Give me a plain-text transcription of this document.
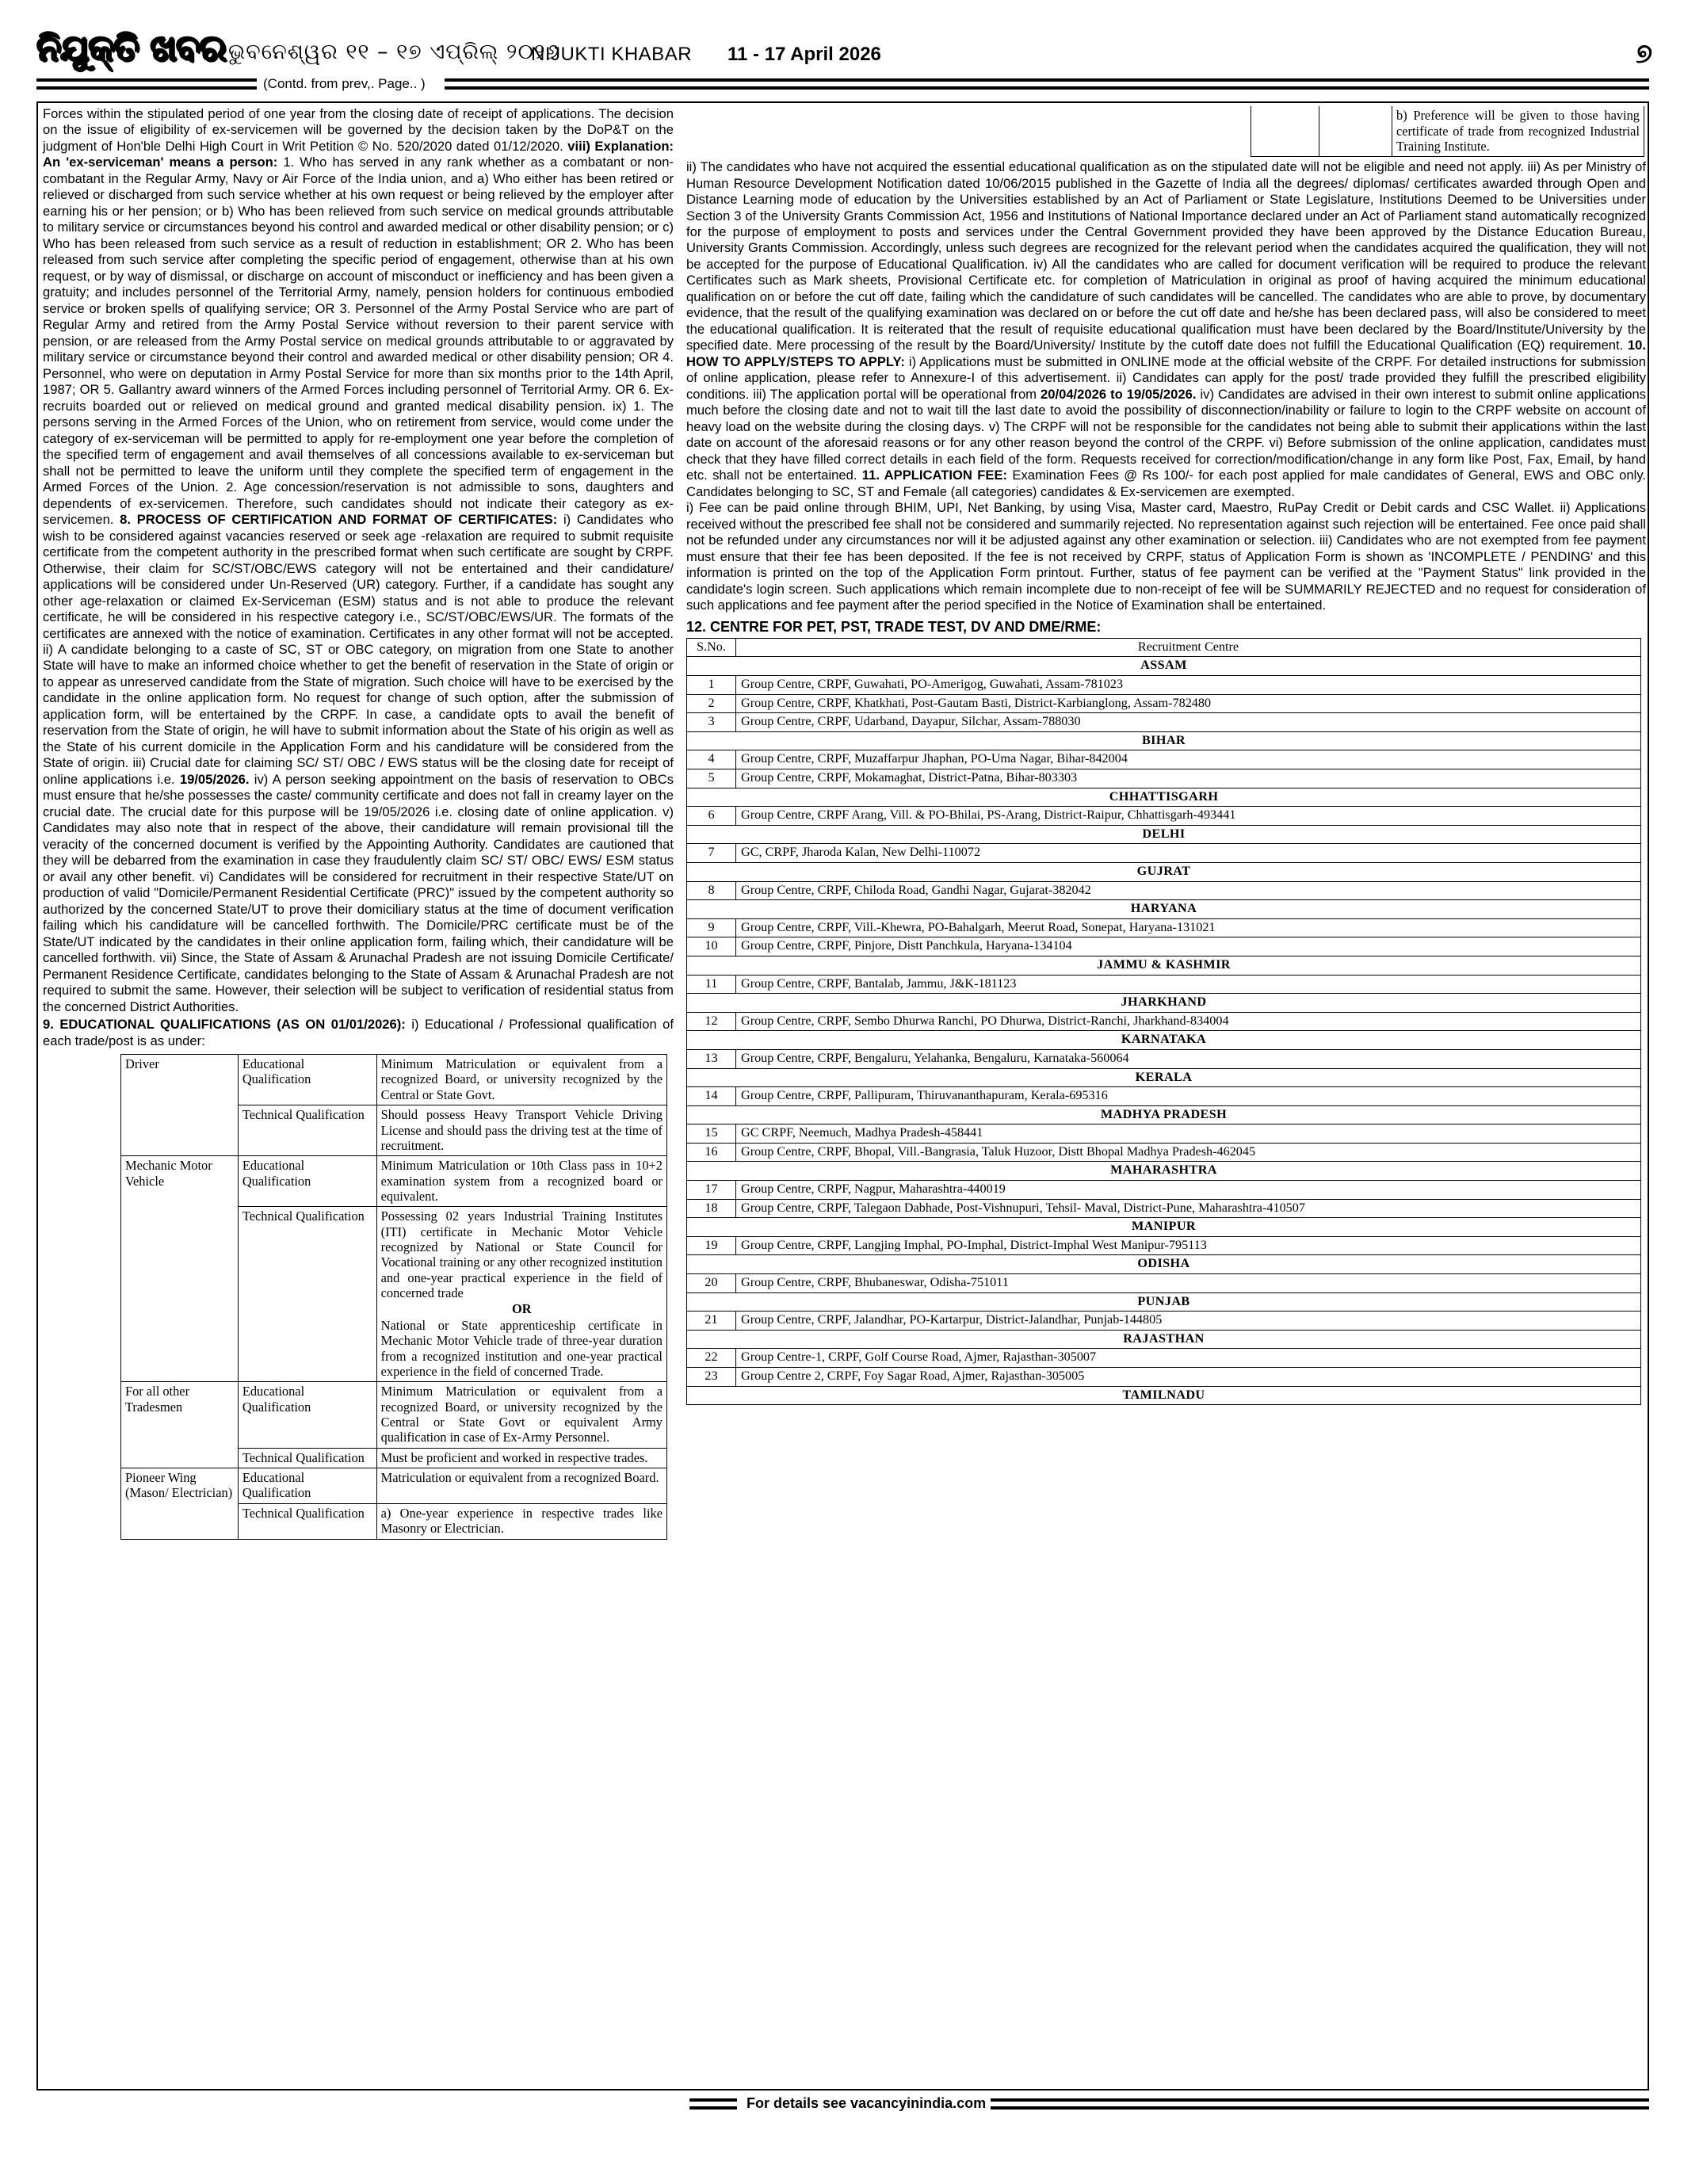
ନିଯୁକ୍ତି ଖବର ଭୁବନେଶ୍ୱର ୧୧ – ୧୭ ଏପ୍ରିଲ୍ ୨୦୨୬
NIJUKTI KHABAR 11 - 17 April 2026	୭
(Contd. from prev,. Page.. )

Forces within the stipulated period of one year from the closing date of receipt of applications. The decision on the issue of eligibility of ex-servicemen will be governed by the decision taken by the DoP&T on the judgment of Hon'ble Delhi High Court in Writ Petition © No. 520/2020 dated 01/12/2020. viii) Explanation: An 'ex-serviceman' means a person: 1. Who has served in any rank whether as a combatant or non-combatant in the Regular Army, Navy or Air Force of the India union, and a) Who either has been retired or relieved or discharged from such service whether at his own request or being relieved by the employer after earning his or her pension; or b) Who has been relieved from such service on medical grounds attributable to military service or circumstances beyond his control and awarded medical or other disability pension; or c) Who has been released from such service as a result of reduction in establishment; OR 2. Who has been released from such service after completing the specific period of engagement, otherwise than at his own request, or by way of dismissal, or discharge on account of misconduct or inefficiency and has been given a gratuity; and includes personnel of the Territorial Army, namely, pension holders for continuous embodied service or broken spells of qualifying service; OR 3. Personnel of the Army Postal Service who are part of Regular Army and retired from the Army Postal Service without reversion to their parent service with pension, or are released from the Army Postal service on medical grounds attributable to or aggravated by military service or circumstance beyond their control and awarded medical or other disability pension; OR 4. Personnel, who were on deputation in Army Postal Service for more than six months prior to the 14th April, 1987; OR 5. Gallantry award winners of the Armed Forces including personnel of Territorial Army. OR 6. Ex-recruits boarded out or relieved on medical ground and granted medical disability pension. ix) 1. The persons serving in the Armed Forces of the Union, who on retirement from service, would come under the category of ex-serviceman will be permitted to apply for re-employment one year before the completion of the specified term of engagement and avail themselves of all concessions available to ex-serviceman but shall not be permitted to leave the uniform until they complete the specified term of engagement in the Armed Forces of the Union. 2. Age concession/reservation is not admissible to sons, daughters and dependents of ex-servicemen. Therefore, such candidates should not indicate their category as ex-servicemen. 8. PROCESS OF CERTIFICATION AND FORMAT OF CERTIFICATES: i) Candidates who wish to be considered against vacancies reserved or seek age -relaxation are required to submit requisite certificate from the competent authority in the prescribed format when such certificate are sought by CRPF. Otherwise, their claim for SC/ST/OBC/EWS category will not be entertained and their candidature/ applications will be considered under Un-Reserved (UR) category. Further, if a candidate has sought any other age-relaxation or claimed Ex-Serviceman (ESM) status and is not able to produce the relevant certificate, he will be considered in his respective category i.e., SC/ST/OBC/EWS/UR. The formats of the certificates are annexed with the notice of examination. Certificates in any other format will not be accepted. ii) A candidate belonging to a caste of SC, ST or OBC category, on migration from one State to another State will have to make an informed choice whether to get the benefit of reservation in the State of origin or to appear as unreserved candidate from the State of migration. Such choice will have to be exercised by the candidate in the online application form. No request for change of such option, after the submission of application form, will be entertained by the CRPF. In case, a candidate opts to avail the benefit of reservation from the State of origin, he will have to submit information about the State of his origin as well as the State of his current domicile in the Application Form and his candidature will be considered from the State of origin. iii) Crucial date for claiming SC/ ST/ OBC / EWS status will be the closing date for receipt of online applications i.e. 19/05/2026. iv) A person seeking appointment on the basis of reservation to OBCs must ensure that he/she possesses the caste/ community certificate and does not fall in creamy layer on the crucial date. The crucial date for this purpose will be 19/05/2026 i.e. closing date of online application. v) Candidates may also note that in respect of the above, their candidature will remain provisional till the veracity of the concerned document is verified by the Appointing Authority. Candidates are cautioned that they will be debarred from the examination in case they fraudulently claim SC/ ST/ OBC/ EWS/ ESM status or avail any other benefit. vi) Candidates will be considered for recruitment in their respective State/UT on production of valid "Domicile/Permanent Residential Certificate (PRC)" issued by the competent authority so authorized by the concerned State/UT to prove their domiciliary status at the time of document verification failing which his candidature will be cancelled forthwith. The Domicile/PRC certificate must be of the State/UT indicated by the candidates in their online application form, failing which, their candidature will be cancelled forthwith. vii) Since, the State of Assam & Arunachal Pradesh are not issuing Domicile Certificate/ Permanent Residence Certificate, candidates belonging to the State of Assam & Arunachal Pradesh are not required to submit the same. However, their selection will be subject to verification of residential status from the concerned District Authorities.

9. EDUCATIONAL QUALIFICATIONS (AS ON 01/01/2026): i) Educational / Professional qualification of each trade/post is as under:

Driver	Educational Qualification	Minimum Matriculation or equivalent from a recognized Board, or university recognized by the Central or State Govt.
	Technical Qualification	Should possess Heavy Transport Vehicle Driving License and should pass the driving test at the time of recruitment.
Mechanic Motor Vehicle	Educational Qualification	Minimum Matriculation or 10th Class pass in 10+2 examination system from a recognized board or equivalent.
	Technical Qualification	Possessing 02 years Industrial Training Institutes (ITI) certificate in Mechanic Motor Vehicle recognized by National or State Council for Vocational training or any other recognized institution and one-year practical experience in the field of concerned trade
OR
National or State apprenticeship certificate in Mechanic Motor Vehicle trade of three-year duration from a recognized institution and one-year practical experience in the field of concerned Trade.
For all other Tradesmen	Educational Qualification	Minimum Matriculation or equivalent from a recognized Board, or university recognized by the Central or State Govt or equivalent Army qualification in case of Ex-Army Personnel.
	Technical Qualification	Must be proficient and worked in respective trades.
Pioneer Wing (Mason/ Electrician)	Educational Qualification	Matriculation or equivalent from a recognized Board.
	Technical Qualification	a) One-year experience in respective trades like Masonry or Electrician.
		b) Preference will be given to those having certificate of trade from recognized Industrial Training Institute.

ii) The candidates who have not acquired the essential educational qualification as on the stipulated date will not be eligible and need not apply. iii) As per Ministry of Human Resource Development Notification dated 10/06/2015 published in the Gazette of India all the degrees/ diplomas/ certificates awarded through Open and Distance Learning mode of education by the Universities established by an Act of Parliament or State Legislature, Institutions Deemed to be Universities under Section 3 of the University Grants Commission Act, 1956 and Institutions of National Importance declared under an Act of Parliament stand automatically recognized for the purpose of employment to posts and services under the Central Government provided they have been approved by the Distance Education Bureau, University Grants Commission. Accordingly, unless such degrees are recognized for the relevant period when the candidates acquired the qualification, they will not be accepted for the purpose of Educational Qualification. iv) All the candidates who are called for document verification will be required to produce the relevant Certificates such as Mark sheets, Provisional Certificate etc. for completion of Matriculation in original as proof of having acquired the minimum educational qualification on or before the cut off date, failing which the candidature of such candidates will be cancelled. The candidates who are able to prove, by documentary evidence, that the result of the qualifying examination was declared on or before the cut off date and he/she has been declared pass, will also be considered to meet the educational qualification. It is reiterated that the result of requisite educational qualification must have been declared by the Board/Institute/University by the specified date. Mere processing of the result by the Board/University/ Institute by the cutoff date does not fulfill the Educational Qualification (EQ) requirement. 10. HOW TO APPLY/STEPS TO APPLY: i) Applications must be submitted in ONLINE mode at the official website of the CRPF. For detailed instructions for submission of online application, please refer to Annexure-I of this advertisement. ii) Candidates can apply for the post/ trade provided they fulfill the prescribed eligibility conditions. iii) The application portal will be operational from 20/04/2026 to 19/05/2026. iv) Candidates are advised in their own interest to submit online applications much before the closing date and not to wait till the last date to avoid the possibility of disconnection/inability or failure to login to the CRPF website on account of heavy load on the website during the closing days. v) The CRPF will not be responsible for the candidates not being able to submit their applications within the last date on account of the aforesaid reasons or for any other reason beyond the control of the CRPF. vi) Before submission of the online application, candidates must check that they have filled correct details in each field of the form. Requests received for correction/modification/change in any form like Post, Fax, Email, by hand etc. shall not be entertained. 11. APPLICATION FEE: Examination Fees @ Rs 100/- for each post applied for male candidates of General, EWS and OBC only. Candidates belonging to SC, ST and Female (all categories) candidates & Ex-servicemen are exempted.

i) Fee can be paid online through BHIM, UPI, Net Banking, by using Visa, Master card, Maestro, RuPay Credit or Debit cards and CSC Wallet. ii) Applications received without the prescribed fee shall not be considered and summarily rejected. No representation against such rejection will be entertained. Fee once paid shall not be refunded under any circumstances nor will it be adjusted against any other examination or selection. iii) Candidates who are not exempted from fee payment must ensure that their fee has been deposited. If the fee is not received by CRPF, status of Application Form is shown as 'INCOMPLETE / PENDING' and this information is printed on the top of the Application Form printout. Further, status of fee payment can be verified at the "Payment Status" link provided in the candidate's login screen. Such applications which remain incomplete due to non-receipt of fee will be SUMMARILY REJECTED and no request for consideration of such applications and fee payment after the period specified in the Notice of Examination shall be entertained.

12. CENTRE FOR PET, PST, TRADE TEST, DV AND DME/RME:
S.No.	Recruitment Centre
ASSAM	
1	Group Centre, CRPF, Guwahati, PO-Amerigog, Guwahati, Assam-781023
2	Group Centre, CRPF, Khatkhati, Post-Gautam Basti, District-Karbianglong, Assam-782480
3	Group Centre, CRPF, Udarband, Dayapur, Silchar, Assam-788030
BIHAR	
4	Group Centre, CRPF, Muzaffarpur Jhaphan, PO-Uma Nagar, Bihar-842004
5	Group Centre, CRPF, Mokamaghat, District-Patna, Bihar-803303
CHHATTISGARH	
6	Group Centre, CRPF Arang, Vill. & PO-Bhilai, PS-Arang, District-Raipur, Chhattisgarh-493441
DELHI	
7	GC, CRPF, Jharoda Kalan, New Delhi-110072
GUJRAT	
8	Group Centre, CRPF, Chiloda Road, Gandhi Nagar, Gujarat-382042
HARYANA	
9	Group Centre, CRPF, Vill.-Khewra, PO-Bahalgarh, Meerut Road, Sonepat, Haryana-131021
10	Group Centre, CRPF, Pinjore, Distt Panchkula, Haryana-134104
JAMMU & KASHMIR	
11	Group Centre, CRPF, Bantalab, Jammu, J&K-181123
JHARKHAND	
12	Group Centre, CRPF, Sembo Dhurwa Ranchi, PO Dhurwa, District-Ranchi, Jharkhand-834004
KARNATAKA	
13	Group Centre, CRPF, Bengaluru, Yelahanka, Bengaluru, Karnataka-560064
KERALA	
14	Group Centre, CRPF, Pallipuram, Thiruvananthapuram, Kerala-695316
MADHYA PRADESH	
15	GC CRPF, Neemuch, Madhya Pradesh-458441
16	Group Centre, CRPF, Bhopal, Vill.-Bangrasia, Taluk Huzoor, Distt Bhopal Madhya Pradesh-462045
MAHARASHTRA	
17	Group Centre, CRPF, Nagpur, Maharashtra-440019
18	Group Centre, CRPF, Talegaon Dabhade, Post-Vishnupuri, Tehsil- Maval, District-Pune, Maharashtra-410507
MANIPUR	
19	Group Centre, CRPF, Langjing Imphal, PO-Imphal, District-Imphal West Manipur-795113
ODISHA	
20	Group Centre, CRPF, Bhubaneswar, Odisha-751011
PUNJAB	
21	Group Centre, CRPF, Jalandhar, PO-Kartarpur, District-Jalandhar, Punjab-144805
RAJASTHAN	
22	Group Centre-1, CRPF, Golf Course Road, Ajmer, Rajasthan-305007
23	Group Centre 2, CRPF, Foy Sagar Road, Ajmer, Rajasthan-305005
TAMILNADU	
For details see vacancyinindia.com
